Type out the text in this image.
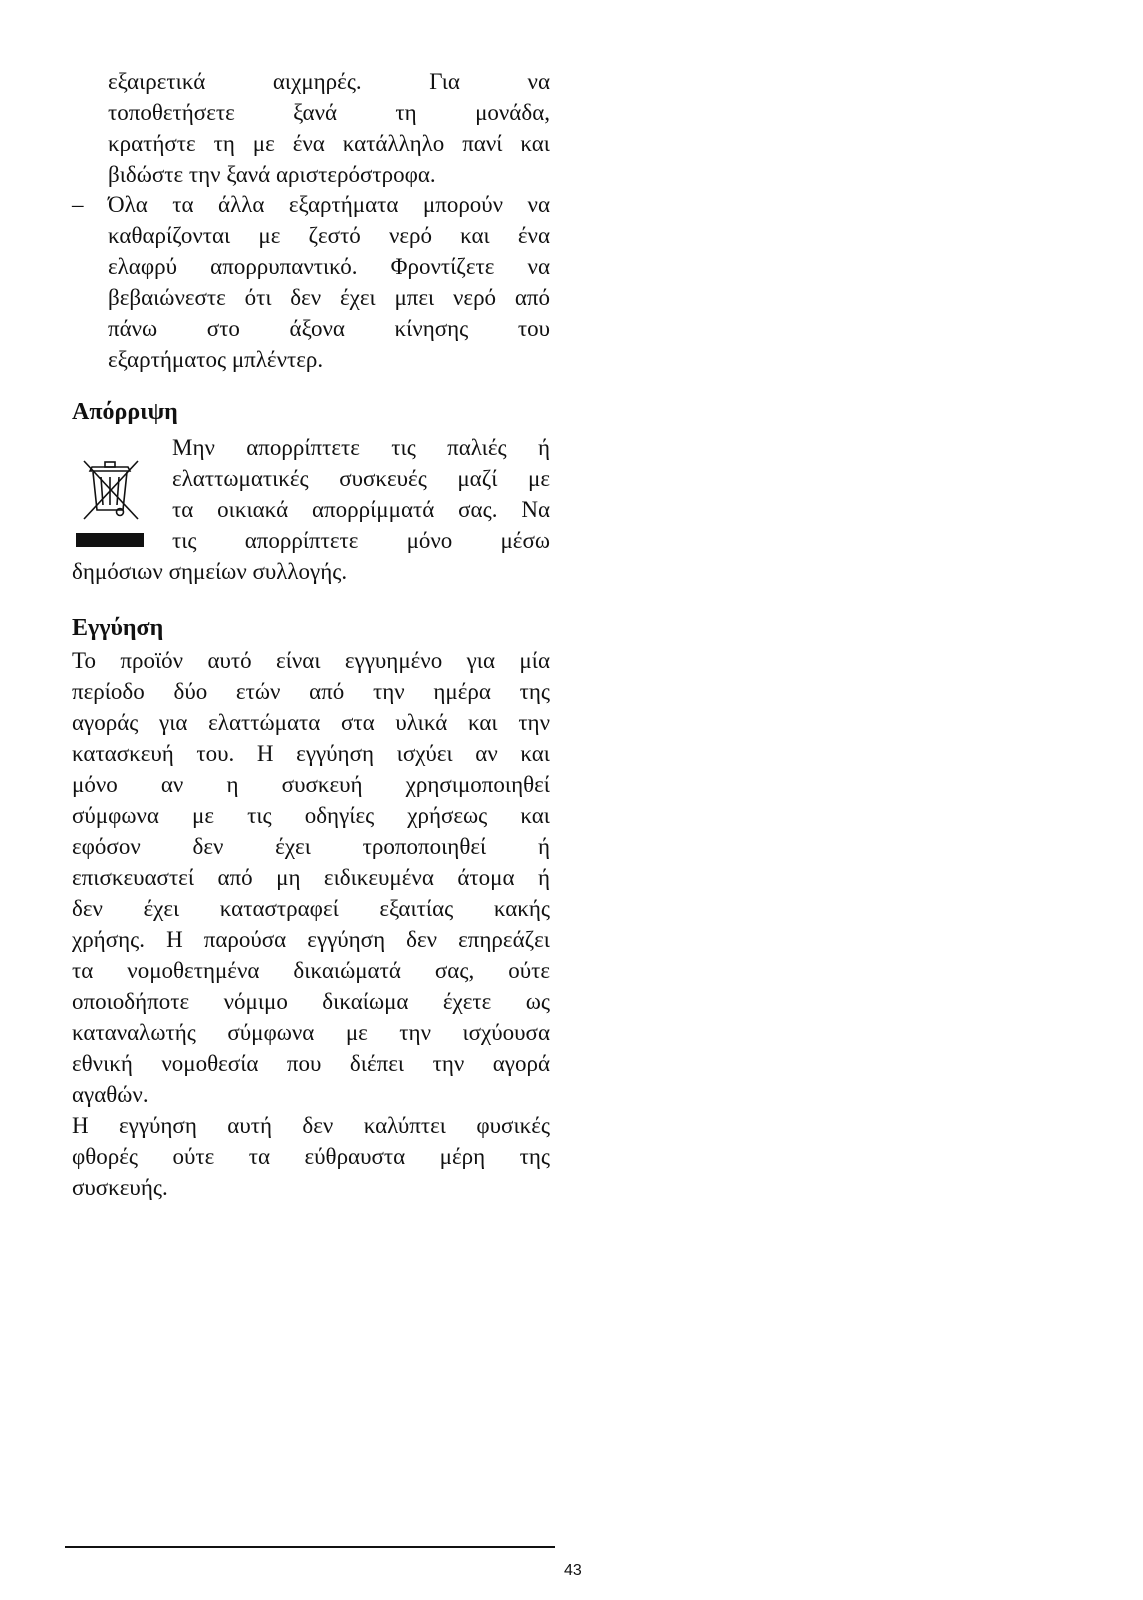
εξαιρετικά αιχμηρές. Για να
τοποθετήσετε ξανά τη μονάδα,
κρατήστε τη με ένα κατάλληλο πανί και
βιδώστε την ξανά αριστερόστροφα.
– Όλα τα άλλα εξαρτήματα μπορούν να
καθαρίζονται με ζεστό νερό και ένα
ελαφρύ απορρυπαντικό. Φροντίζετε να
βεβαιώνεστε ότι δεν έχει μπει νερό από
πάνω στο άξονα κίνησης του
εξαρτήματος μπλέντερ.
Απόρριψη
Μην απορρίπτετε τις παλιές ή
ελαττωματικές συσκευές μαζί με
τα οικιακά απορρίμματά σας. Να
τις απορρίπτετε μόνο μέσω
δημόσιων σημείων συλλογής.
Εγγύηση
Το προϊόν αυτό είναι εγγυημένο για μία
περίοδο δύο ετών από την ημέρα της
αγοράς για ελαττώματα στα υλικά και την
κατασκευή του. Η εγγύηση ισχύει αν και
μόνο αν η συσκευή χρησιμοποιηθεί
σύμφωνα με τις οδηγίες χρήσεως και
εφόσον δεν έχει τροποποιηθεί ή
επισκευαστεί από μη ειδικευμένα άτομα ή
δεν έχει καταστραφεί εξαιτίας κακής
χρήσης. Η παρούσα εγγύηση δεν επηρεάζει
τα νομοθετημένα δικαιώματά σας, ούτε
οποιοδήποτε νόμιμο δικαίωμα έχετε ως
καταναλωτής σύμφωνα με την ισχύουσα
εθνική νομοθεσία που διέπει την αγορά
αγαθών.
Η εγγύηση αυτή δεν καλύπτει φυσικές
φθορές ούτε τα εύθραυστα μέρη της
συσκευής.
43
